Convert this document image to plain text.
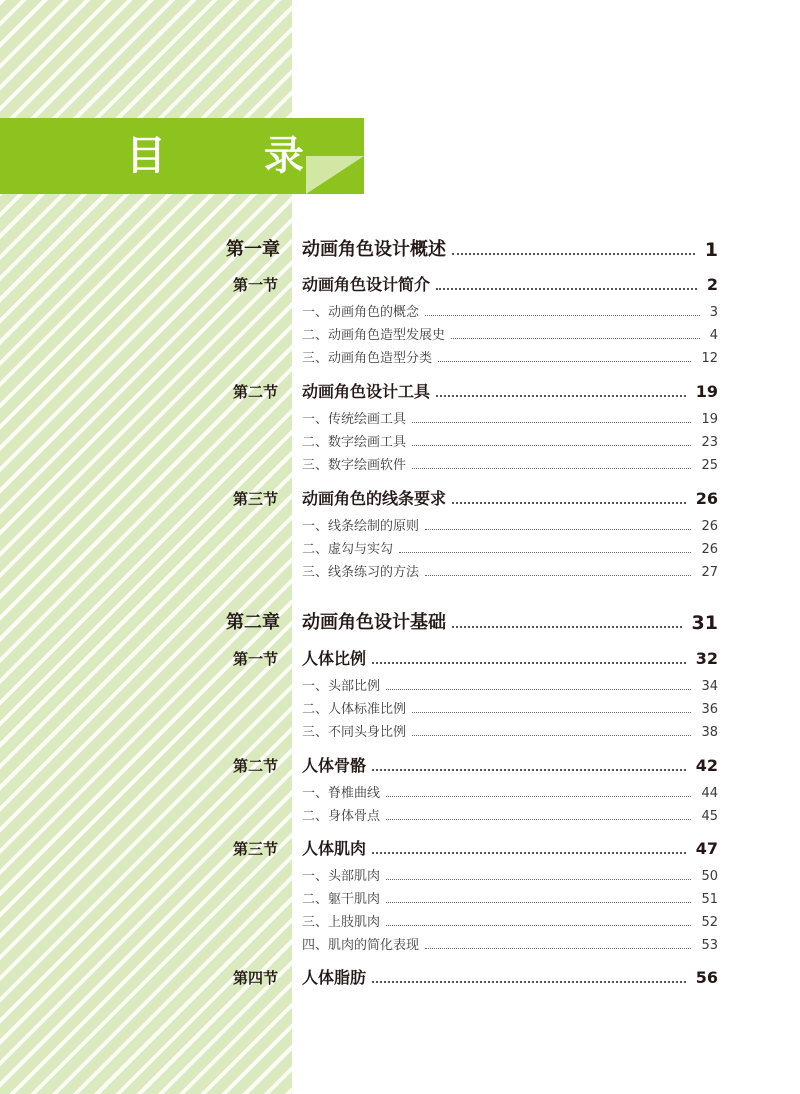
目 录
第一章 动画角色设计概述	1
第一节 动画角色设计简介	2
一、动画角色的概念	3
二、动画角色造型发展史	4
三、动画角色造型分类	12
第二节 动画角色设计工具	19
一、传统绘画工具	19
二、数字绘画工具	23
三、数字绘画软件	25
第三节 动画角色的线条要求	26
一、线条绘制的原则	26
二、虚勾与实勾	26
三、线条练习的方法	27
第二章 动画角色设计基础	31
第一节 人体比例	32
一、头部比例	34
二、人体标准比例	36
三、不同头身比例	38
第二节 人体骨骼	42
一、脊椎曲线	44
二、身体骨点	45
第三节 人体肌肉	47
一、头部肌肉	50
二、躯干肌肉	51
三、上肢肌肉	52
四、肌肉的简化表现	53
第四节 人体脂肪	56
